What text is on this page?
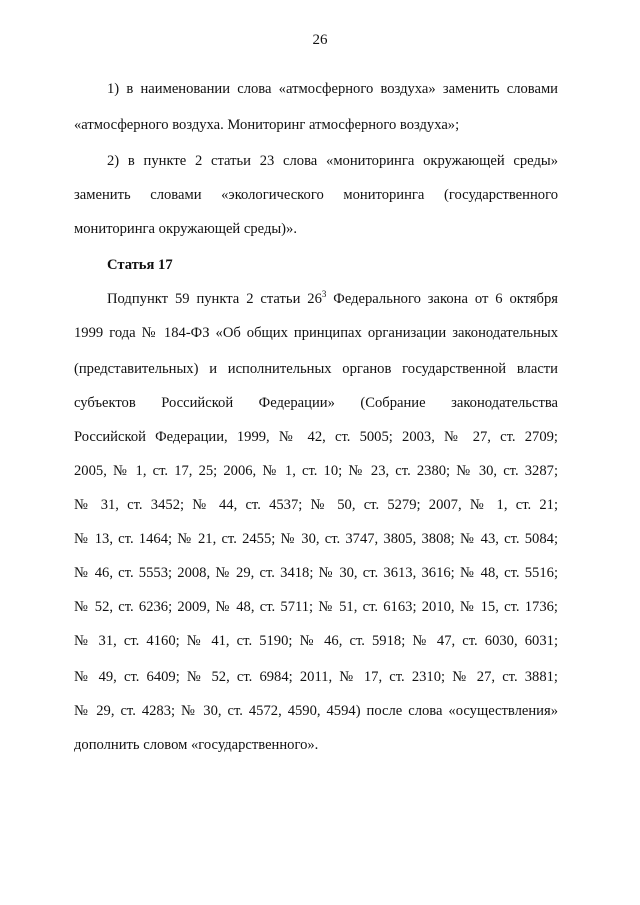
26
1) в наименовании слова «атмосферного воздуха» заменить словами
«атмосферного воздуха. Мониторинг атмосферного воздуха»;
2) в пункте 2 статьи 23 слова «мониторинга окружающей среды»
заменить словами «экологического мониторинга (государственного
мониторинга окружающей среды)».
Статья 17
Подпункт 59 пункта 2 статьи $26^3$ Федерального закона от 6 октября
1999 года № 184-ФЗ «Об общих принципах организации законодательных
(представительных) и исполнительных органов государственной власти
субъектов Российской Федерации» (Собрание законодательства
Российской Федерации, 1999, № 42, ст. 5005; 2003, № 27, ст. 2709;
2005, № 1, ст. 17, 25; 2006, № 1, ст. 10; № 23, ст. 2380; № 30, ст. 3287;
№ 31, ст. 3452; № 44, ст. 4537; № 50, ст. 5279; 2007, № 1, ст. 21;
№ 13, ст. 1464; № 21, ст. 2455; № 30, ст. 3747, 3805, 3808; № 43, ст. 5084;
№ 46, ст. 5553; 2008, № 29, ст. 3418; № 30, ст. 3613, 3616; № 48, ст. 5516;
№ 52, ст. 6236; 2009, № 48, ст. 5711; № 51, ст. 6163; 2010, № 15, ст. 1736;
№ 31, ст. 4160; № 41, ст. 5190; № 46, ст. 5918; № 47, ст. 6030, 6031;
№ 49, ст. 6409; № 52, ст. 6984; 2011, № 17, ст. 2310; № 27, ст. 3881;
№ 29, ст. 4283; № 30, ст. 4572, 4590, 4594) после слова «осуществления»
дополнить словом «государственного».
